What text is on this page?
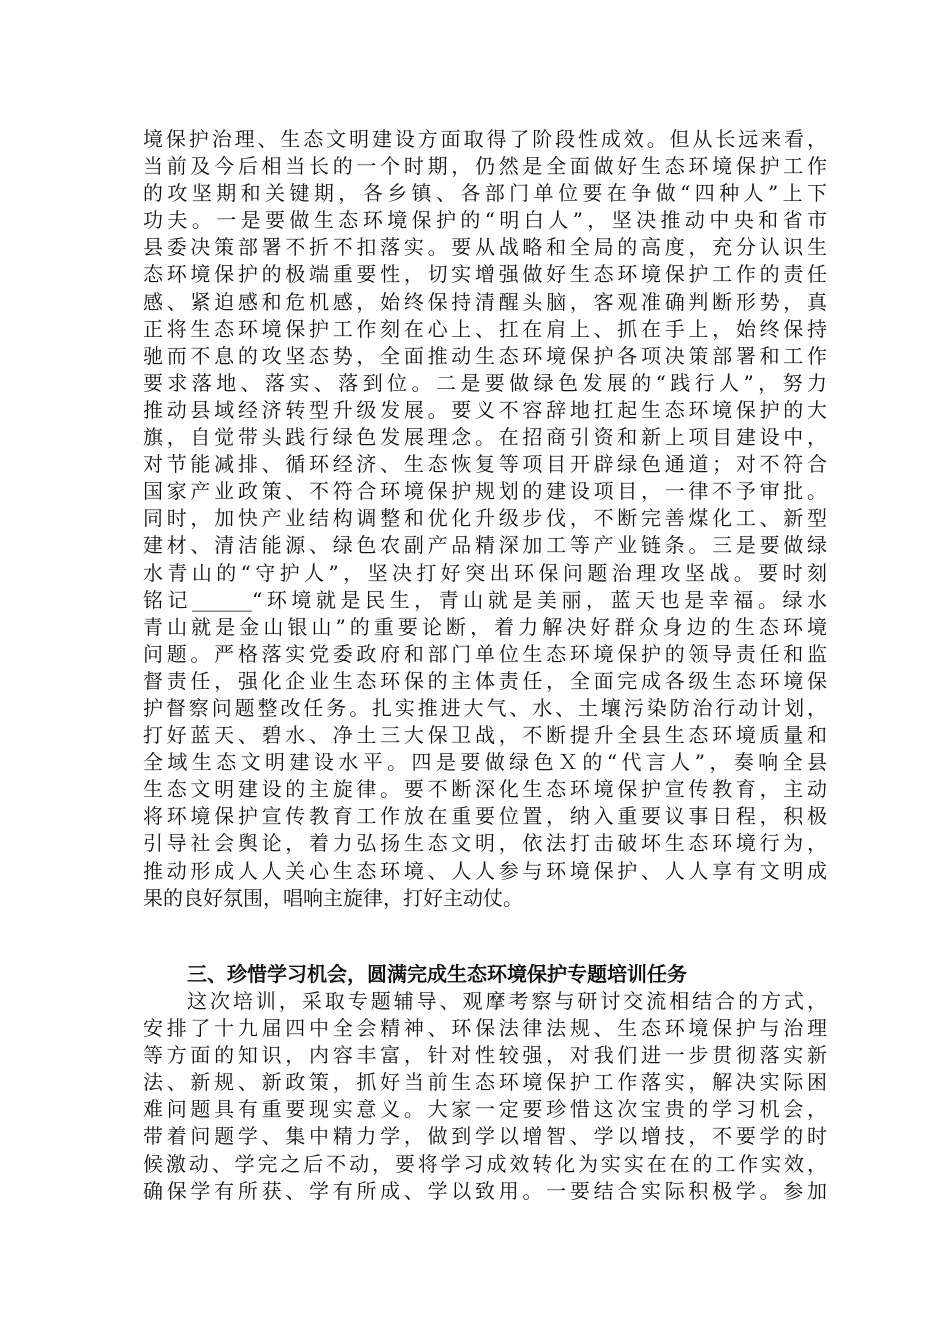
境保护治理、生态文明建设方面取得了阶段性成效。但从长远来看，
当前及今后相当长的一个时期，仍然是全面做好生态环境保护工作
的攻坚期和关键期，各乡镇、各部门单位要在争做“四种人”上下
功夫。一是要做生态环境保护的“明白人”，坚决推动中央和省市
县委决策部署不折不扣落实。要从战略和全局的高度，充分认识生
态环境保护的极端重要性，切实增强做好生态环境保护工作的责任
感、紧迫感和危机感，始终保持清醒头脑，客观准确判断形势，真
正将生态环境保护工作刻在心上、扛在肩上、抓在手上，始终保持
驰而不息的攻坚态势，全面推动生态环境保护各项决策部署和工作
要求落地、落实、落到位。二是要做绿色发展的“践行人”，努力
推动县域经济转型升级发展。要义不容辞地扛起生态环境保护的大
旗，自觉带头践行绿色发展理念。在招商引资和新上项目建设中，
对节能减排、循环经济、生态恢复等项目开辟绿色通道；对不符合
国家产业政策、不符合环境保护规划的建设项目，一律不予审批。
同时，加快产业结构调整和优化升级步伐，不断完善煤化工、新型
建材、清洁能源、绿色农副产品精深加工等产业链条。三是要做绿
水青山的“守护人”，坚决打好突出环保问题治理攻坚战。要时刻
铭记______“环境就是民生，青山就是美丽，蓝天也是幸福。绿水
青山就是金山银山”的重要论断，着力解决好群众身边的生态环境
问题。严格落实党委政府和部门单位生态环境保护的领导责任和监
督责任，强化企业生态环保的主体责任，全面完成各级生态环境保
护督察问题整改任务。扎实推进大气、水、土壤污染防治行动计划，
打好蓝天、碧水、净土三大保卫战，不断提升全县生态环境质量和
全域生态文明建设水平。四是要做绿色Ｘ的“代言人”，奏响全县
生态文明建设的主旋律。要不断深化生态环境保护宣传教育，主动
将环境保护宣传教育工作放在重要位置，纳入重要议事日程，积极
引导社会舆论，着力弘扬生态文明，依法打击破坏生态环境行为，
推动形成人人关心生态环境、人人参与环境保护、人人享有文明成
果的良好氛围，唱响主旋律，打好主动仗。
三、珍惜学习机会，圆满完成生态环境保护专题培训任务
这次培训，采取专题辅导、观摩考察与研讨交流相结合的方式，
安排了十九届四中全会精神、环保法律法规、生态环境保护与治理
等方面的知识，内容丰富，针对性较强，对我们进一步贯彻落实新
法、新规、新政策，抓好当前生态环境保护工作落实，解决实际困
难问题具有重要现实意义。大家一定要珍惜这次宝贵的学习机会，
带着问题学、集中精力学，做到学以增智、学以增技，不要学的时
候激动、学完之后不动，要将学习成效转化为实实在在的工作实效，
确保学有所获、学有所成、学以致用。一要结合实际积极学。参加
